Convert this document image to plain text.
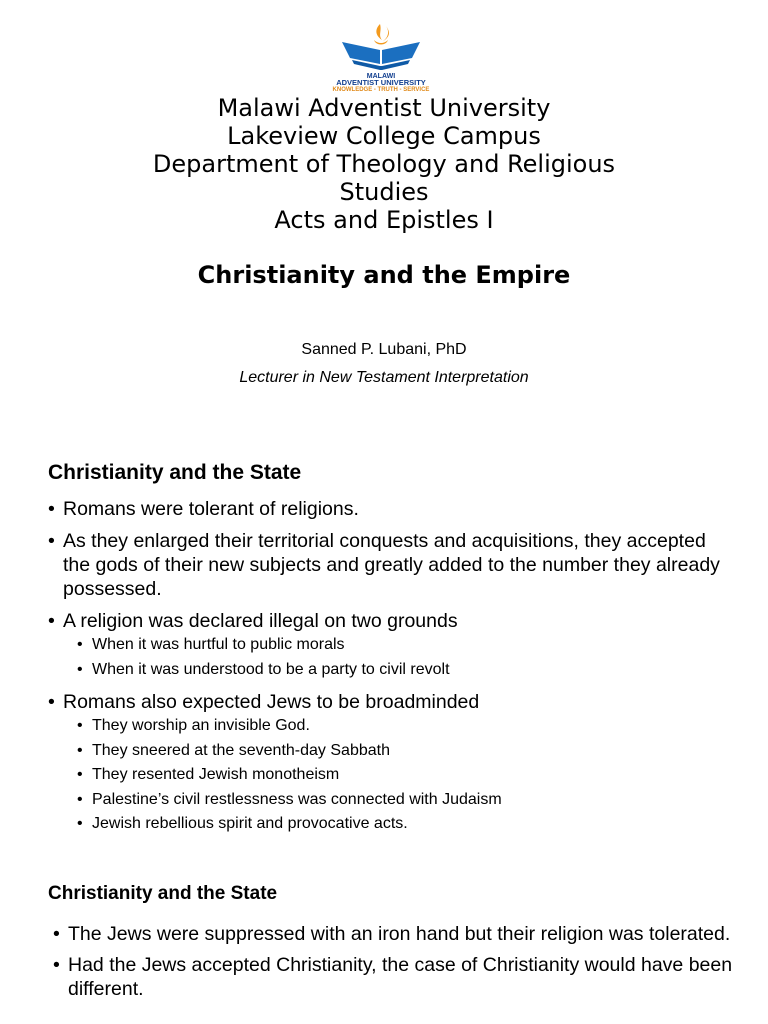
MALAWI
ADVENTIST UNIVERSITY
KNOWLEDGE - TRUTH - SERVICE
Malawi Adventist University
Lakeview College Campus
Department of Theology and Religious
Studies
Acts and Epistles I
Christianity and the Empire
Sanned P. Lubani, PhD
Lecturer in New Testament Interpretation
Christianity and the State
• Romans were tolerant of religions.
• As they enlarged their territorial conquests and acquisitions, they accepted the gods of their new subjects and greatly added to the number they already possessed.
• A religion was declared illegal on two grounds
• When it was hurtful to public morals
• When it was understood to be a party to civil revolt
• Romans also expected Jews to be broadminded
• They worship an invisible God.
• They sneered at the seventh-day Sabbath
• They resented Jewish monotheism
• Palestine’s civil restlessness was connected with Judaism
• Jewish rebellious spirit and provocative acts.
Christianity and the State
• The Jews were suppressed with an iron hand but their religion was tolerated.
• Had the Jews accepted Christianity, the case of Christianity would have been different.
